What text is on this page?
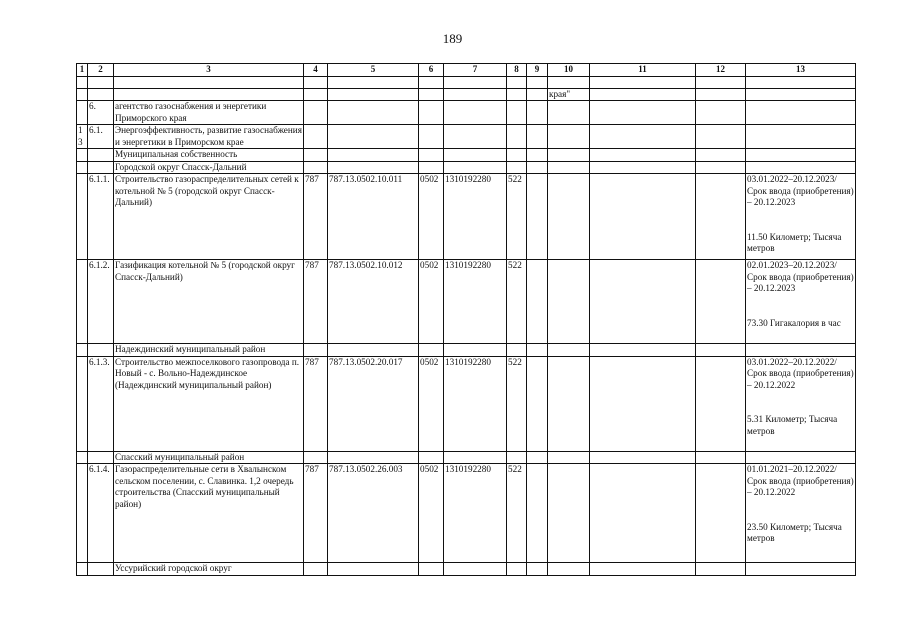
189
1	2	3	4	5	6	7	8	9	10	11	12	13

									края"			
	6.	агентство газоснабжения и энергетики Приморского края										
13	6.1.	Энергоэффективность, развитие газоснабжения и энергетики в Приморском крае										
		Муниципальная собственность										
		Городской округ Спасск-Дальний										
	6.1.1.	Строительство газораспределительных сетей к котельной № 5 (городской округ Спасск-Дальний)	787	787.13.0502.10.011	0502	1310192280	522					03.01.2022–20.12.2023/ Срок ввода (приобретения) – 20.12.2023
11.50 Километр; Тысяча метров

	6.1.2.	Газификация котельной № 5 (городской округ Спасск-Дальний)	787	787.13.0502.10.012	0502	1310192280	522					02.01.2023–20.12.2023/ Срок ввода (приобретения) – 20.12.2023
73.30 Гигакалория в час

		Надеждинский муниципальный район										
	6.1.3.	Строительство межпоселкового газопровода п. Новый - с. Вольно-Надеждинское (Надеждинский муниципальный район)	787	787.13.0502.20.017	0502	1310192280	522					03.01.2022–20.12.2022/ Срок ввода (приобретения) – 20.12.2022
5.31 Километр; Тысяча метров

		Спасский муниципальный район										
	6.1.4.	Газораспределительные сети в Хвалынском сельском поселении, с. Славинка. 1,2 очередь строительства (Спасский муниципальный район)	787	787.13.0502.26.003	0502	1310192280	522					01.01.2021–20.12.2022/ Срок ввода (приобретения) – 20.12.2022
23.50 Километр; Тысяча метров

		Уссурийский городской округ										
